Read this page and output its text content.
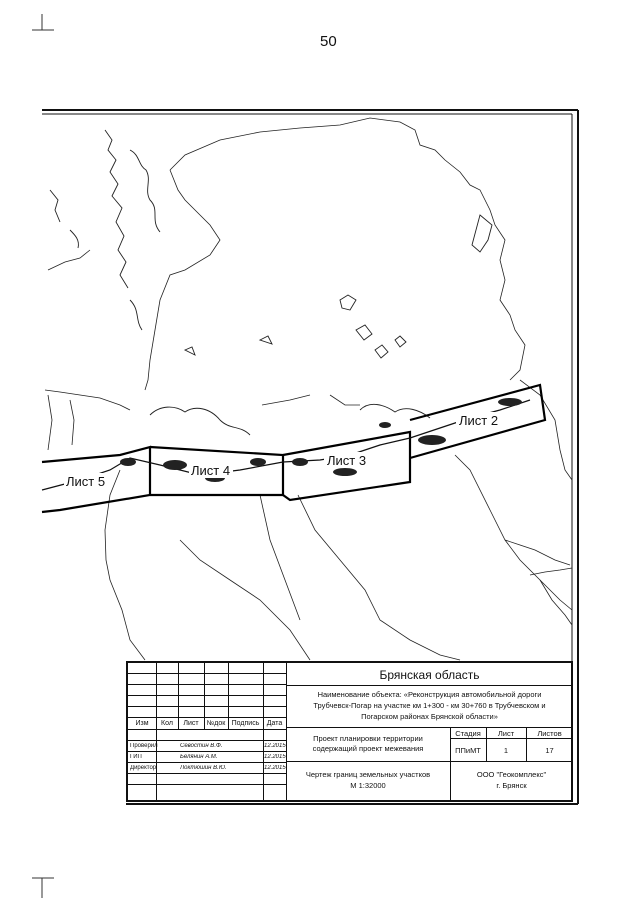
50
Лист 2
Лист 3
Лист 4
Лист 5
Изм	Кол	Лист	№док Подпись	Дата
Проверил	Севостин В.Ф.	12.2015
ГИП	Белянин А.М.	12.2015
Директор	Локтюшин В.Ю.	12.2015
Брянская область
Наименование объекта: «Реконструкция автомобильной дороги
Трубчевск-Погар на участке км 1+300 - км 30+760 в Трубчевском и
Погарском районах Брянской области»
Проект планировки территории
содержащий проект межевания
Стадия	Лист	Листов
ППиМТ	1	17
Чертеж границ земельных участков
М 1:32000
ООО "Геокомплекс"
г. Брянск
